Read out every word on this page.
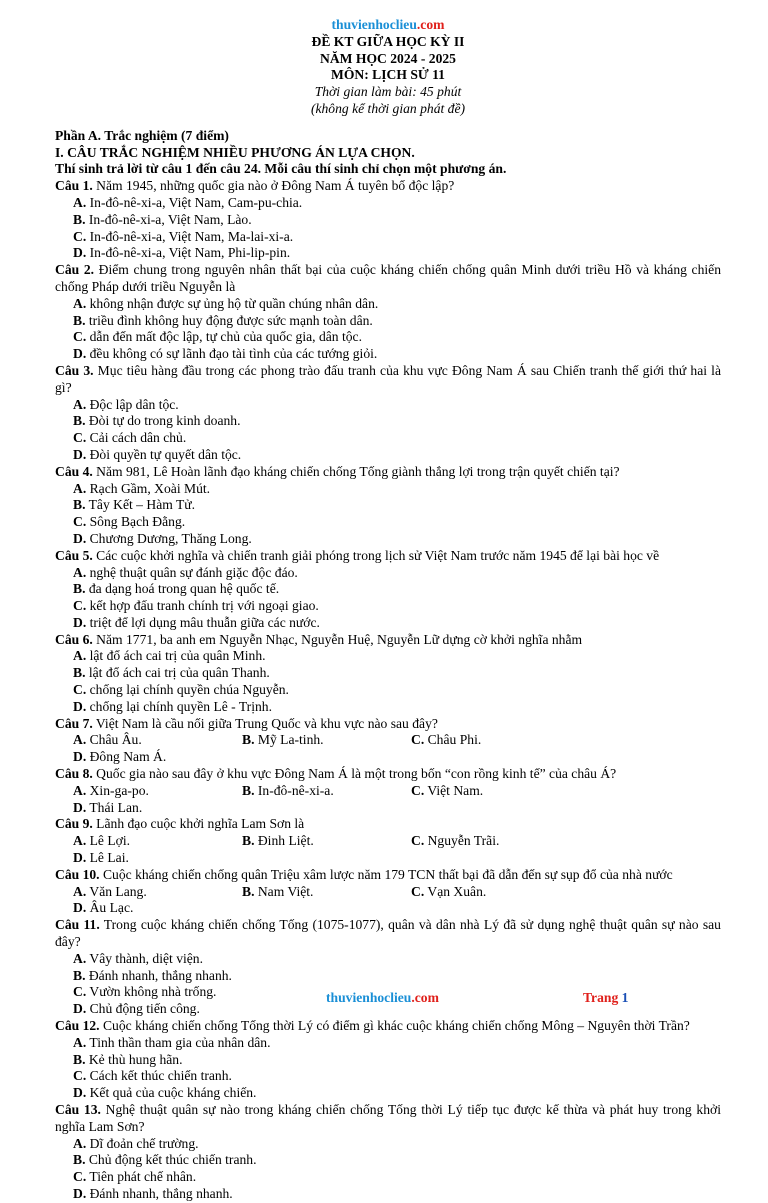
thuvienhoclieu.com
ĐỀ KT GIỮA HỌC KỲ II
NĂM HỌC 2024 - 2025
MÔN: LỊCH SỬ 11
Thời gian làm bài: 45 phút
(không kể thời gian phát đề)
Phần A. Trắc nghiệm (7 điểm)
I. CÂU TRẮC NGHIỆM NHIỀU PHƯƠNG ÁN LỰA CHỌN.
Thí sinh trả lời từ câu 1 đến câu 24. Mỗi câu thí sinh chỉ chọn một phương án.
Câu 1. Năm 1945, những quốc gia nào ở Đông Nam Á tuyên bố độc lập?
A. In-đô-nê-xi-a, Việt Nam, Cam-pu-chia.
B. In-đô-nê-xi-a, Việt Nam, Lào.
C. In-đô-nê-xi-a, Việt Nam, Ma-lai-xi-a.
D. In-đô-nê-xi-a, Việt Nam, Phi-lip-pin.
Câu 2. Điểm chung trong nguyên nhân thất bại của cuộc kháng chiến chống quân Minh dưới triều Hồ và kháng chiến chống Pháp dưới triều Nguyễn là
A. không nhận được sự ủng hộ từ quần chúng nhân dân.
B. triều đình không huy động được sức mạnh toàn dân.
C. dẫn đến mất độc lập, tự chủ của quốc gia, dân tộc.
D. đều không có sự lãnh đạo tài tình của các tướng giỏi.
Câu 3. Mục tiêu hàng đầu trong các phong trào đấu tranh của khu vực Đông Nam Á sau Chiến tranh thế giới thứ hai là gì?
A. Độc lập dân tộc.
B. Đòi tự do trong kinh doanh.
C. Cải cách dân chủ.
D. Đòi quyền tự quyết dân tộc.
Câu 4. Năm 981, Lê Hoàn lãnh đạo kháng chiến chống Tống giành thắng lợi trong trận quyết chiến tại?
A. Rạch Gầm, Xoài Mút.
B. Tây Kết – Hàm Tử.
C. Sông Bạch Đằng.
D. Chương Dương, Thăng Long.
Câu 5. Các cuộc khởi nghĩa và chiến tranh giải phóng trong lịch sử Việt Nam trước năm 1945 để lại bài học về
A. nghệ thuật quân sự đánh giặc độc đáo.
B. đa dạng hoá trong quan hệ quốc tế.
C. kết hợp đấu tranh chính trị với ngoại giao.
D. triệt để lợi dụng mâu thuẫn giữa các nước.
Câu 6. Năm 1771, ba anh em Nguyễn Nhạc, Nguyễn Huệ, Nguyễn Lữ dựng cờ khởi nghĩa nhằm
A. lật đổ ách cai trị của quân Minh.
B. lật đổ ách cai trị của quân Thanh.
C. chống lại chính quyền chúa Nguyễn.
D. chống lại chính quyền Lê - Trịnh.
Câu 7. Việt Nam là cầu nối giữa Trung Quốc và khu vực nào sau đây?
A. Châu Âu.	B. Mỹ La-tinh.	C. Châu Phi.
D. Đông Nam Á.
Câu 8. Quốc gia nào sau đây ở khu vực Đông Nam Á là một trong bốn “con rồng kinh tế” của châu Á?
A. Xin-ga-po.	B. In-đô-nê-xi-a.	C. Việt Nam.
D. Thái Lan.
Câu 9. Lãnh đạo cuộc khởi nghĩa Lam Sơn là
A. Lê Lợi.	B. Đinh Liệt.	C. Nguyễn Trãi.
D. Lê Lai.
Câu 10. Cuộc kháng chiến chống quân Triệu xâm lược năm 179 TCN thất bại đã dẫn đến sự sụp đổ của nhà nước
A. Văn Lang.	B. Nam Việt.	C. Vạn Xuân.
D. Âu Lạc.
Câu 11. Trong cuộc kháng chiến chống Tống (1075-1077), quân và dân nhà Lý đã sử dụng nghệ thuật quân sự nào sau đây?
A. Vây thành, diệt viện.
B. Đánh nhanh, thắng nhanh.
C. Vườn không nhà trống.
D. Chủ động tiến công.
Câu 12. Cuộc kháng chiến chống Tống thời Lý có điểm gì khác cuộc kháng chiến chống Mông – Nguyên thời Trần?
A. Tinh thần tham gia của nhân dân.
B. Kẻ thù hung hãn.
C. Cách kết thúc chiến tranh.
D. Kết quả của cuộc kháng chiến.
Câu 13. Nghệ thuật quân sự nào trong kháng chiến chống Tống thời Lý tiếp tục được kế thừa và phát huy trong khởi nghĩa Lam Sơn?
A. Dĩ đoản chế trường.
B. Chủ động kết thúc chiến tranh.
C. Tiên phát chế nhân.
D. Đánh nhanh, thắng nhanh.
thuvienhoclieu.com	Trang 1
